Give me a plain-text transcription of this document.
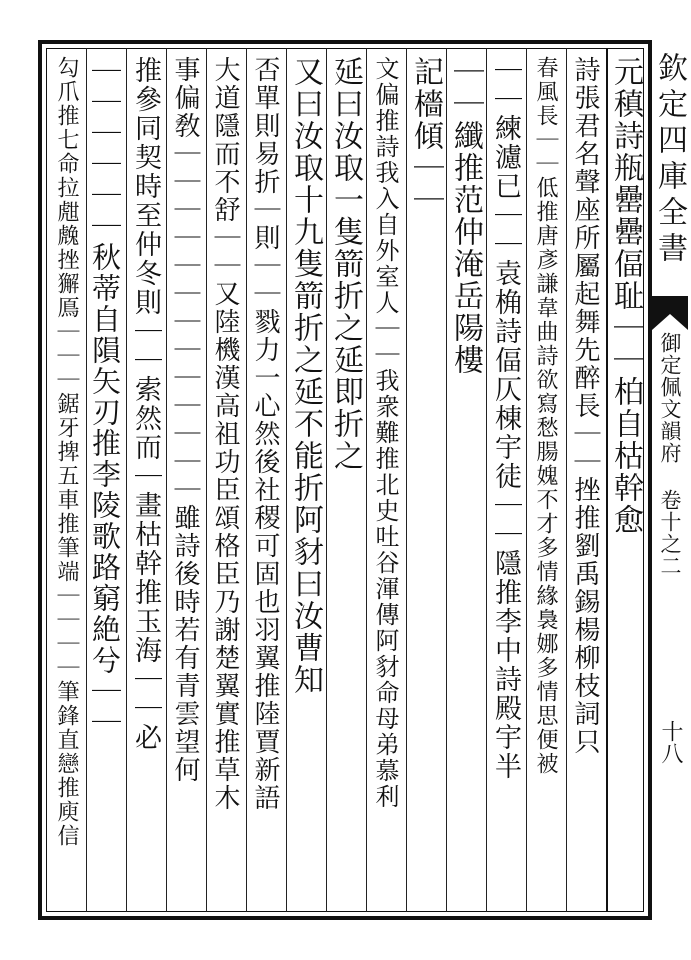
欽定四庫全書
御定佩文韻府 卷十之二
十八
元稹詩瓶罍罍偪耻｜｜柏自枯幹愈
詩張君名聲座所屬起舞先醉長｜｜挫推劉禹錫楊柳枝詞只
春風長｜｜低推唐彥謙韋曲詩欲寫愁腸媿不才多情緣裊娜多情思便被
｜｜練濾已｜｜袁桷詩偪仄棟宇徒｜｜隱推李中詩殿宇半
｜｜纖推范仲淹岳陽樓
記檣傾｜｜
文偏推詩我入自外室人｜｜我衆難推北史吐谷渾傳阿豺命母弟慕利
延曰汝取一隻箭折之延即折之
又曰汝取十九隻箭折之延不能折阿豺曰汝曹知
否單則易折｜則｜｜戮力一心然後社稷可固也羽翼推陸賈新語
大道隱而不舒｜｜又陸機漢高祖功臣頌格臣乃謝楚翼實推草木
事偏敎｜｜｜｜｜｜｜｜｜｜｜｜｜雖詩後時若有青雲望何
推參同契時至仲冬則｜｜索然而｜畫枯幹推玉海｜｜必
｜｜｜｜｜｜秋蒂自隕矢刃推李陵歌路窮絶兮｜｜
勾爪推七命拉甝䖘挫獬鳫｜｜｜鋸牙捭五車推筆端｜｜｜｜筆鋒直戀推庾信
